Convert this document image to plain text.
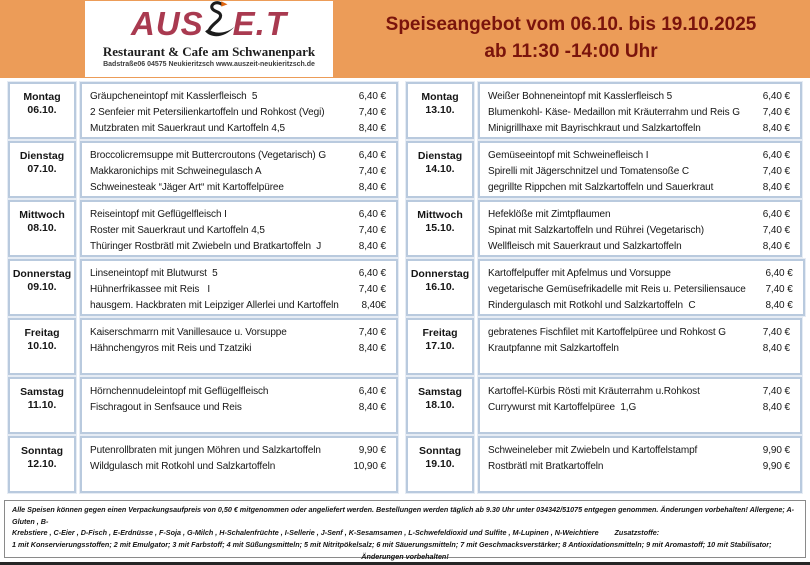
AUS E.T
Restaurant & Cafe am Schwanenpark
Badstraße06 04575 Neukieritzsch www.auszeit-neukieritzsch.de
Speiseangebot vom 06.10. bis 19.10.2025
ab 11:30 -14:00 Uhr
Montag
06.10.
Gräupcheneintopf mit Kasslerfleisch  5	6,40 €
2 Senfeier mit Petersilienkartoffeln und Rohkost (Vegi)	7,40 €
Mutzbraten mit Sauerkraut und Kartoffeln 4,5	8,40 €
Dienstag
07.10.
Broccolicremsuppe mit Buttercroutons (Vegetarisch) G	6,40 €
Makkaronichips mit Schweinegulasch A	7,40 €
Schweinesteak “Jäger Art“ mit Kartoffelpüree	8,40 €
Mittwoch
08.10.
Reiseintopf mit Geflügelfleisch I	6,40 €
Roster mit Sauerkraut und Kartoffeln 4,5	7,40 €
Thüringer Rostbrätl mit Zwiebeln und Bratkartoffeln  J	8,40 €
Donnerstag
09.10.
Linseneintopf mit Blutwurst  5	6,40 €
Hühnerfrikassee mit Reis   I	7,40 €
hausgem. Hackbraten mit Leipziger Allerlei und Kartoffeln	8,40€
Freitag
10.10.
Kaiserschmarrn mit Vanillesauce u. Vorsuppe	7,40 €
Hähnchengyros mit Reis und Tzatziki	8,40 €
Samstag
11.10.
Hörnchennudeleintopf mit Geflügelfleisch	6,40 €
Fischragout in Senfsauce und Reis	8,40 €
Sonntag
12.10.
Putenrollbraten mit jungen Möhren und Salzkartoffeln	9,90 €
Wildgulasch mit Rotkohl und Salzkartoffeln	10,90 €
Montag
13.10.
Weißer Bohneneintopf mit Kasslerfleisch 5	6,40 €
Blumenkohl- Käse- Medaillon mit Kräuterrahm und Reis G	7,40 €
Minigrillhaxe mit Bayrischkraut und Salzkartoffeln	8,40 €
Dienstag
14.10.
Gemüseeintopf mit Schweinefleisch I	6,40 €
Spirelli mit Jägerschnitzel und Tomatensoße C	7,40 €
gegrillte Rippchen mit Salzkartoffeln und Sauerkraut	8,40 €
Mittwoch
15.10.
Hefeklöße mit Zimtpflaumen	6,40 €
Spinat mit Salzkartoffeln und Rührei (Vegetarisch)	7,40 €
Wellfleisch mit Sauerkraut und Salzkartoffeln	8,40 €
Donnerstag
16.10.
Kartoffelpuffer mit Apfelmus und Vorsuppe	6,40 €
vegetarische Gemüsefrikadelle mit Reis u. Petersiliensauce	7,40 €
Rindergulasch mit Rotkohl und Salzkartoffeln  C	8,40 €
Freitag
17.10.
gebratenes Fischfilet mit Kartoffelpüree und Rohkost G	7,40 €
Krautpfanne mit Salzkartoffeln	8,40 €
Samstag
18.10.
Kartoffel-Kürbis Rösti mit Kräuterrahm u.Rohkost	7,40 €
Currywurst mit Kartoffelpüree  1,G	8,40 €
Sonntag
19.10.
Schweineleber mit Zwiebeln und Kartoffelstampf	9,90 €
Rostbrätl mit Bratkartoffeln	9,90 €
Alle Speisen können gegen einen Verpackungsaufpreis von 0,50 € mitgenommen oder angeliefert werden. Bestellungen werden täglich ab 9.30 Uhr unter 034342/51075 entgegen genommen. Änderungen vorbehalten! Allergene; A-Gluten , B-
Krebstiere , C-Eier , D-Fisch , E-Erdnüsse , F-Soja , G-Milch , H-Schalenfrüchte , I-Sellerie , J-Senf , K-Sesamsamen , L-Schwefeldioxid und Sulfite , M-Lupinen , N-Weichtiere        Zusatzstoffe:
1 mit Konservierungsstoffen; 2 mit Emulgator; 3 mit Farbstoff; 4 mit Süßungsmitteln; 5 mit Nitritpökelsalz; 6 mit Säuerungsmitteln; 7 mit Geschmacksverstärker; 8 Antioxidationsmitteln; 9 mit Aromastoff; 10 mit Stabilisator;
Änderungen vorbehalten!
